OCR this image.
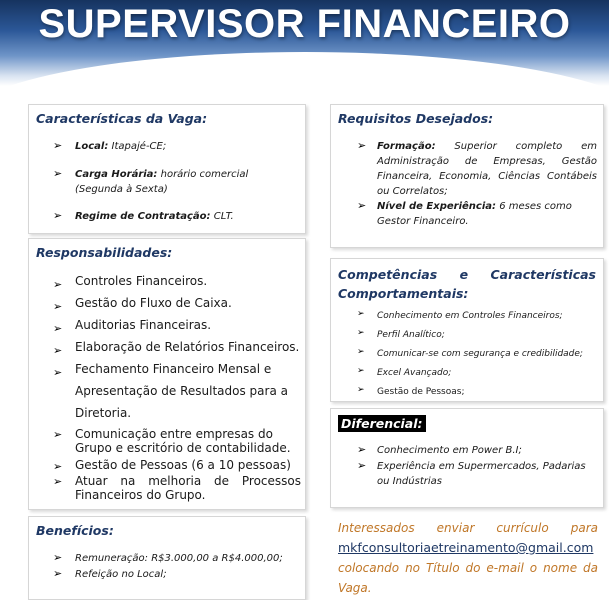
SUPERVISOR FINANCEIRO
Características da Vaga:
➢ Local: Itapajé-CE;
➢ Carga Horária: horário comercial (Segunda à Sexta)
➢ Regime de Contratação: CLT.
Responsabilidades:
➢ Controles Financeiros.
➢ Gestão do Fluxo de Caixa.
➢ Auditorias Financeiras.
➢ Elaboração de Relatórios Financeiros.
➢ Fechamento Financeiro Mensal e Apresentação de Resultados para a Diretoria.
➢ Comunicação entre empresas do Grupo e escritório de contabilidade.
➢ Gestão de Pessoas (6 a 10 pessoas)
➢ Atuar na melhoria de Processos Financeiros do Grupo.
Benefícios:
➢ Remuneração: R$3.000,00 a R$4.000,00;
➢ Refeição no Local;
Requisitos Desejados:
➢ Formação: Superior completo em Administração de Empresas, Gestão Financeira, Economia, Ciências Contábeis ou Correlatos;
➢ Nível de Experiência: 6 meses como Gestor Financeiro.
Competências e Características Comportamentais:
➢ Conhecimento em Controles Financeiros;
➢ Perfil Analítico;
➢ Comunicar-se com segurança e credibilidade;
➢ Excel Avançado;
➢ Gestão de Pessoas;
Diferencial:
➢ Conhecimento em Power B.I;
➢ Experiência em Supermercados, Padarias ou Indústrias
Interessados enviar currículo para
mkfconsultoriaetreinamento@gmail.com
colocando no Título do e-mail o nome da Vaga.
